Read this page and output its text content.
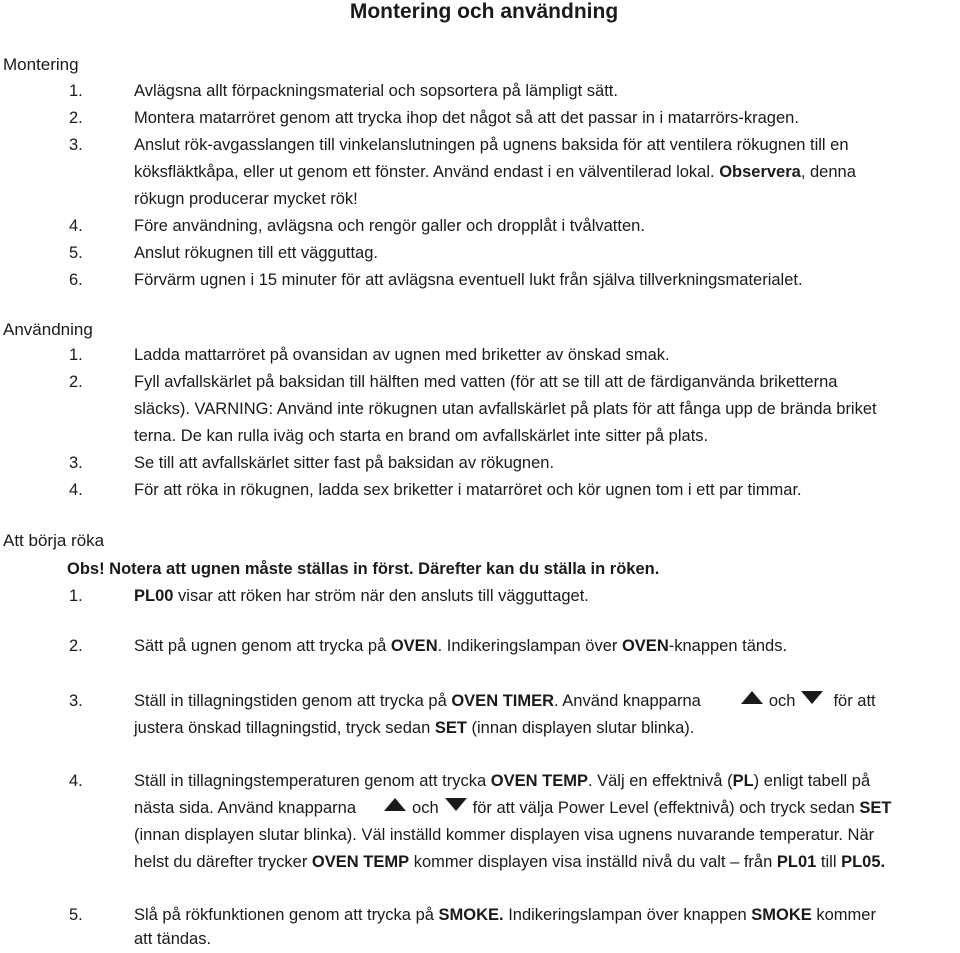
Montering och användning
Montering
1.	Avlägsna allt förpackningsmaterial och sopsortera på lämpligt sätt.
2.	Montera matarröret genom att trycka ihop det något så att det passar in i matarrörs-kragen.
3.	Anslut rök-avgasslangen till vinkelanslutningen på ugnens baksida för att ventilera rökugnen till en
köksfläktkåpa, eller ut genom ett fönster. Använd endast i en välventilerad lokal. Observera, denna
rökugn producerar mycket rök!
4.	Före användning, avlägsna och rengör galler och dropplåt i tvålvatten.
5.	Anslut rökugnen till ett vägguttag.
6.	Förvärm ugnen i 15 minuter för att avlägsna eventuell lukt från själva tillverkningsmaterialet.
Användning
1.	Ladda mattarröret på ovansidan av ugnen med briketter av önskad smak.
2.	Fyll avfallskärlet på baksidan till hälften med vatten (för att se till att de färdiganvända briketterna
släcks). VARNING: Använd inte rökugnen utan avfallskärlet på plats för att fånga upp de brända briket
terna. De kan rulla iväg och starta en brand om avfallskärlet inte sitter på plats.
3.	Se till att avfallskärlet sitter fast på baksidan av rökugnen.
4.	För att röka in rökugnen, ladda sex briketter i matarröret och kör ugnen tom i ett par timmar.
Att börja röka
Obs! Notera att ugnen måste ställas in först. Därefter kan du ställa in röken.
1.	PL00 visar att röken har ström när den ansluts till vägguttaget.
2.	Sätt på ugnen genom att trycka på OVEN. Indikeringslampan över OVEN-knappen tänds.
3.	Ställ in tillagningstiden genom att trycka på OVEN TIMER. Använd knapparna	och för att
justera önskad tillagningstid, tryck sedan SET (innan displayen slutar blinka).
4.	Ställ in tillagningstemperaturen genom att trycka OVEN TEMP. Välj en effektnivå (PL) enligt tabell på
nästa sida. Använd knapparna	och för att välja Power Level (effektnivå) och tryck sedan SET
(innan displayen slutar blinka). Väl inställd kommer displayen visa ugnens nuvarande temperatur. När
helst du därefter trycker OVEN TEMP kommer displayen visa inställd nivå du valt – från PL01 till PL05.
5.	Slå på rökfunktionen genom att trycka på SMOKE. Indikeringslampan över knappen SMOKE kommer
att tändas.
